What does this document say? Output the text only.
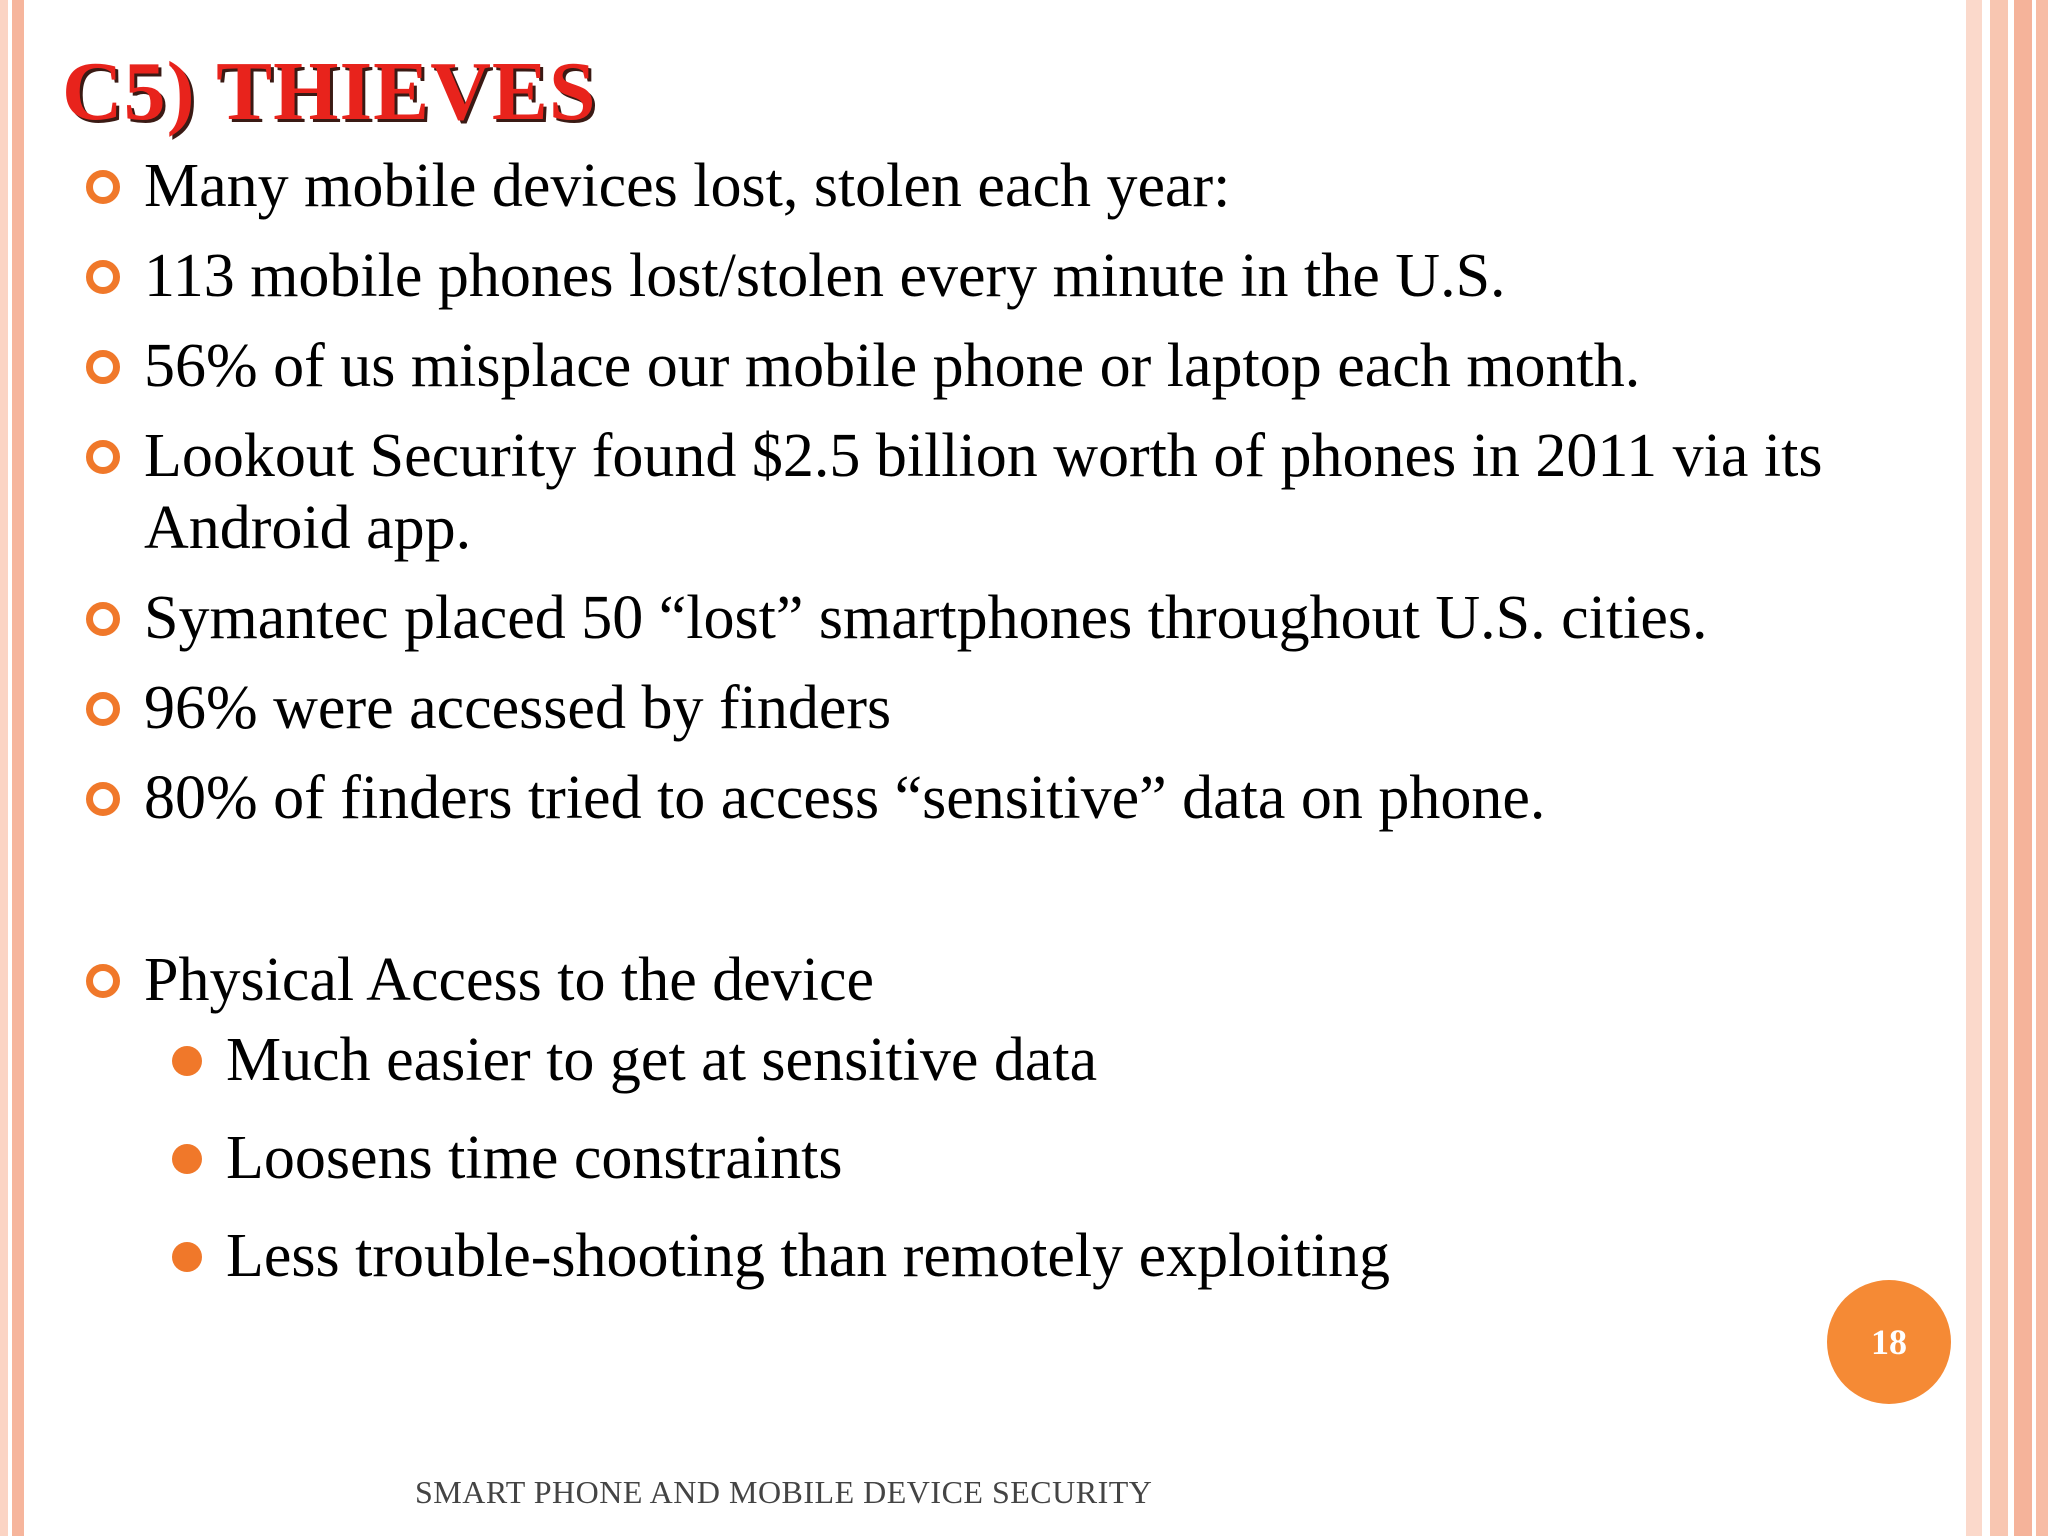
C5) THIEVES
Many mobile devices lost, stolen each year:
113 mobile phones lost/stolen every minute in the U.S.
56% of us misplace our mobile phone or laptop each month.
Lookout Security found $2.5 billion worth of phones in 2011 via its Android app.
Symantec placed 50 “lost” smartphones throughout U.S. cities.
96% were accessed by finders
80% of finders tried to access “sensitive” data on phone.
Physical Access to the device
Much easier to get at sensitive data
Loosens time constraints
Less trouble-shooting than remotely exploiting
18
SMART PHONE AND MOBILE DEVICE SECURITY
